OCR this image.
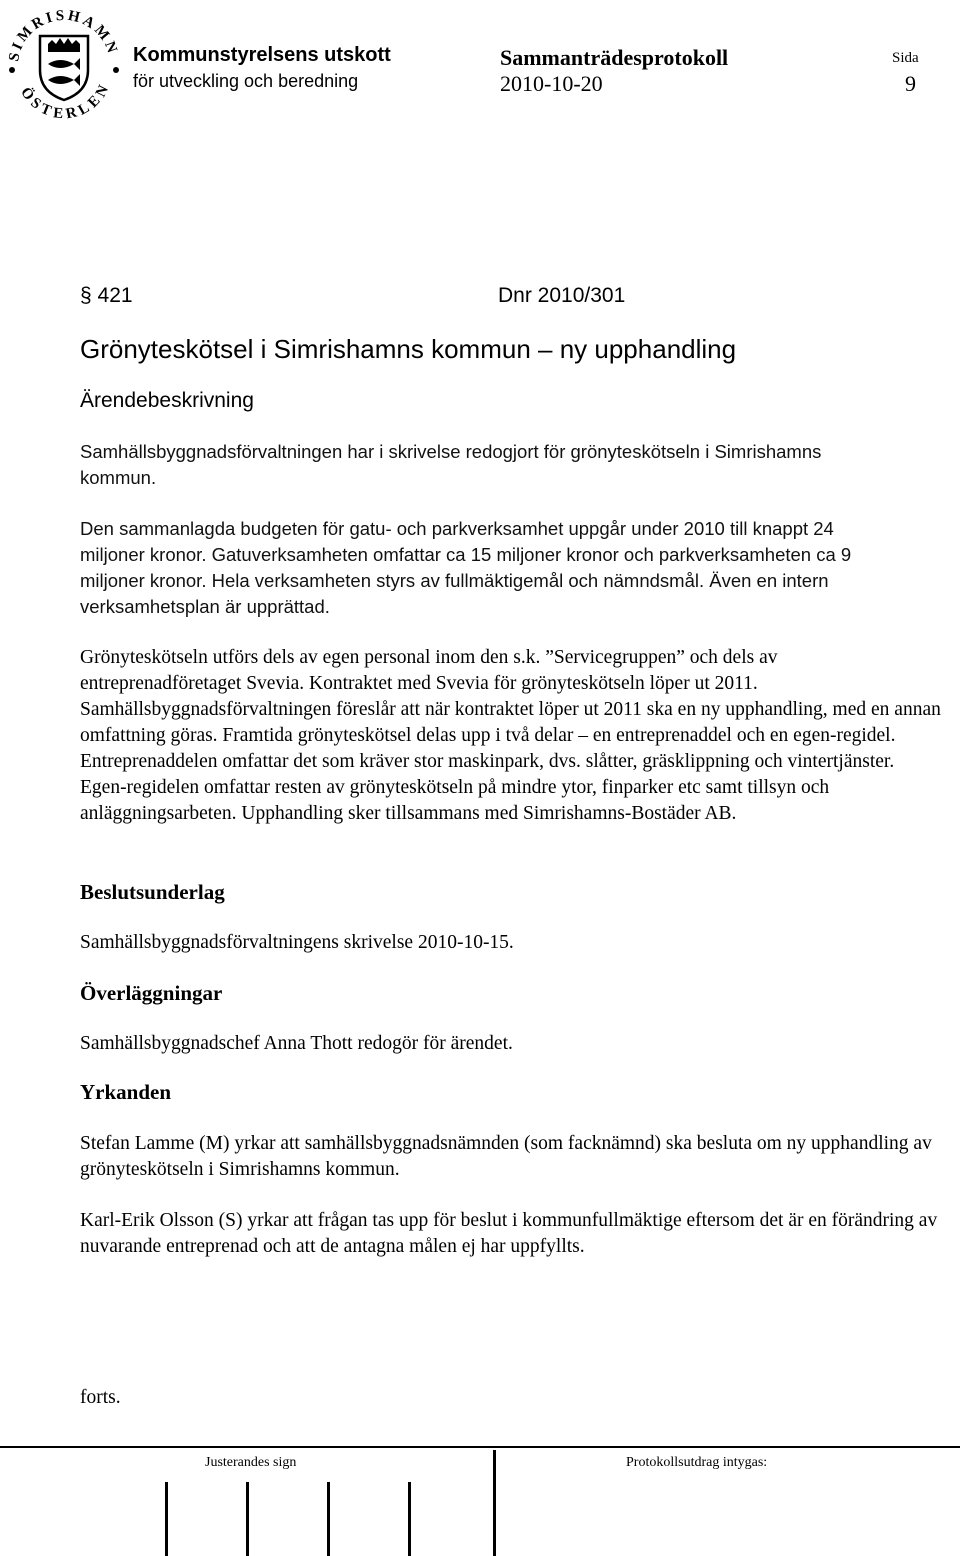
SIMRISHAMN
ÖSTERLEN
Kommunstyrelsens utskott
för utveckling och beredning
Sammanträdesprotokoll
2010-10-20
Sida
9
§ 421	Dnr 2010/301
Grönyteskötsel i Simrishamns kommun – ny upphandling
Ärendebeskrivning

Samhällsbyggnadsförvaltningen har i skrivelse redogjort för grönyteskötseln i Simrishamns kommun.

Den sammanlagda budgeten för gatu- och parkverksamhet uppgår under 2010 till knappt 24 miljoner kronor. Gatuverksamheten omfattar ca 15 miljoner kronor och parkverksamheten ca 9 miljoner kronor. Hela verksamheten styrs av fullmäktigemål och nämndsmål. Även en intern verksamhetsplan är upprättad.

Grönyteskötseln utförs dels av egen personal inom den s.k. ”Servicegruppen” och dels av entreprenadföretaget Svevia. Kontraktet med Svevia för grönyteskötseln löper ut 2011. Samhällsbyggnadsförvaltningen föreslår att när kontraktet löper ut 2011 ska en ny upphandling, med en annan omfattning göras. Framtida grönyteskötsel delas upp i två delar – en entreprenaddel och en egen-regidel. Entreprenaddelen omfattar det som kräver stor maskinpark, dvs. slåtter, gräsklippning och vintertjänster. Egen-regidelen omfattar resten av grönyteskötseln på mindre ytor, finparker etc samt tillsyn och anläggningsarbeten. Upphandling sker tillsammans med Simrishamns-Bostäder AB.

Beslutsunderlag

Samhällsbyggnadsförvaltningens skrivelse 2010-10-15.

Överläggningar

Samhällsbyggnadschef Anna Thott redogör för ärendet.

Yrkanden

Stefan Lamme (M) yrkar att samhällsbyggnadsnämnden (som facknämnd) ska besluta om ny upphandling av grönyteskötseln i Simrishamns kommun.

Karl-Erik Olsson (S) yrkar att frågan tas upp för beslut i kommunfullmäktige eftersom det är en förändring av nuvarande entreprenad och att de antagna målen ej har uppfyllts.

forts.
Justerandes sign	Protokollsutdrag intygas:
